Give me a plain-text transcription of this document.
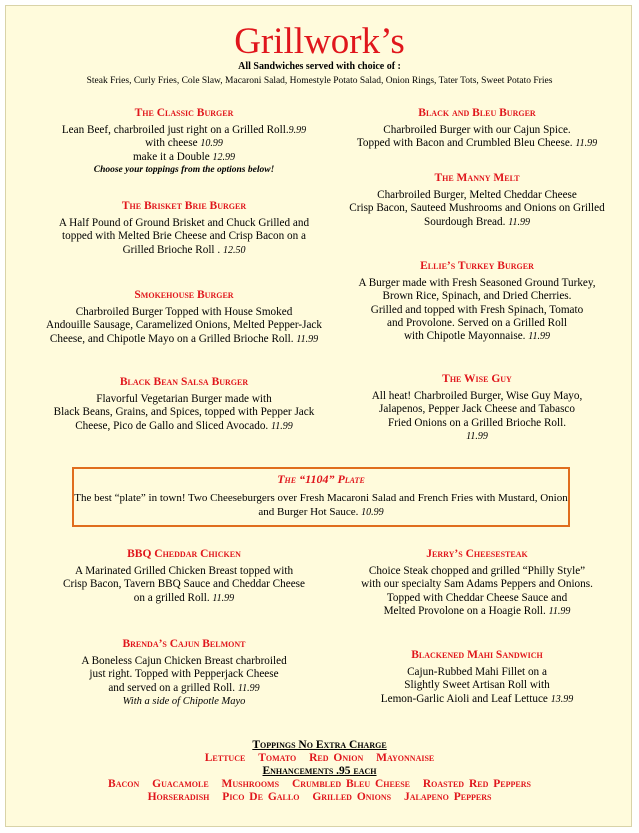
Grillwork’s
All Sandwiches served with choice of :
Steak Fries, Curly Fries, Cole Slaw, Macaroni Salad, Homestyle Potato Salad, Onion Rings, Tater Tots, Sweet Potato Fries
The Classic Burger
Lean Beef, charbroiled just right on a Grilled Roll.9.99
with cheese 10.99
make it a Double 12.99
Choose your toppings from the options below!
The Brisket Brie Burger
A Half Pound of Ground Brisket and Chuck Grilled and
topped with Melted Brie Cheese and Crisp Bacon on a
Grilled Brioche Roll . 12.50
Smokehouse Burger
Charbroiled Burger Topped with House Smoked
Andouille Sausage, Caramelized Onions, Melted Pepper-Jack
Cheese, and Chipotle Mayo on a Grilled Brioche Roll. 11.99
Black Bean Salsa Burger
Flavorful Vegetarian Burger made with
Black Beans, Grains, and Spices, topped with Pepper Jack
Cheese, Pico de Gallo and Sliced Avocado. 11.99
Black and Bleu Burger
Charbroiled Burger with our Cajun Spice.
Topped with Bacon and Crumbled Bleu Cheese. 11.99
The Manny Melt
Charbroiled Burger, Melted Cheddar Cheese
Crisp Bacon, Sauteed Mushrooms and Onions on Grilled
Sourdough Bread. 11.99
Ellie’s Turkey Burger
A Burger made with Fresh Seasoned Ground Turkey,
Brown Rice, Spinach, and Dried Cherries.
Grilled and topped with Fresh Spinach, Tomato
and Provolone. Served on a Grilled Roll
with Chipotle Mayonnaise. 11.99
The Wise Guy
All heat! Charbroiled Burger, Wise Guy Mayo,
Jalapenos, Pepper Jack Cheese and Tabasco
Fried Onions on a Grilled Brioche Roll.
11.99
The “1104” Plate
The best “plate” in town! Two Cheeseburgers over Fresh Macaroni Salad and French Fries with Mustard, Onion and Burger Hot Sauce. 10.99
BBQ Cheddar Chicken
A Marinated Grilled Chicken Breast topped with
Crisp Bacon, Tavern BBQ Sauce and Cheddar Cheese
on a grilled Roll. 11.99
Brenda’s Cajun Belmont
A Boneless Cajun Chicken Breast charbroiled
just right. Topped with Pepperjack Cheese
and served on a grilled Roll. 11.99
With a side of Chipotle Mayo
Jerry’s Cheesesteak
Choice Steak chopped and grilled “Philly Style”
with our specialty Sam Adams Peppers and Onions.
Topped with Cheddar Cheese Sauce and
Melted Provolone on a Hoagie Roll. 11.99
Blackened Mahi Sandwich
Cajun-Rubbed Mahi Fillet on a
Slightly Sweet Artisan Roll with
Lemon-Garlic Aioli and Leaf Lettuce 13.99
Toppings No Extra Charge
Lettuce Tomato Red Onion Mayonnaise
Enhancements .95 each
Bacon Guacamole Mushrooms Crumbled Bleu Cheese Roasted Red Peppers
Horseradish Pico De Gallo Grilled Onions Jalapeno Peppers
